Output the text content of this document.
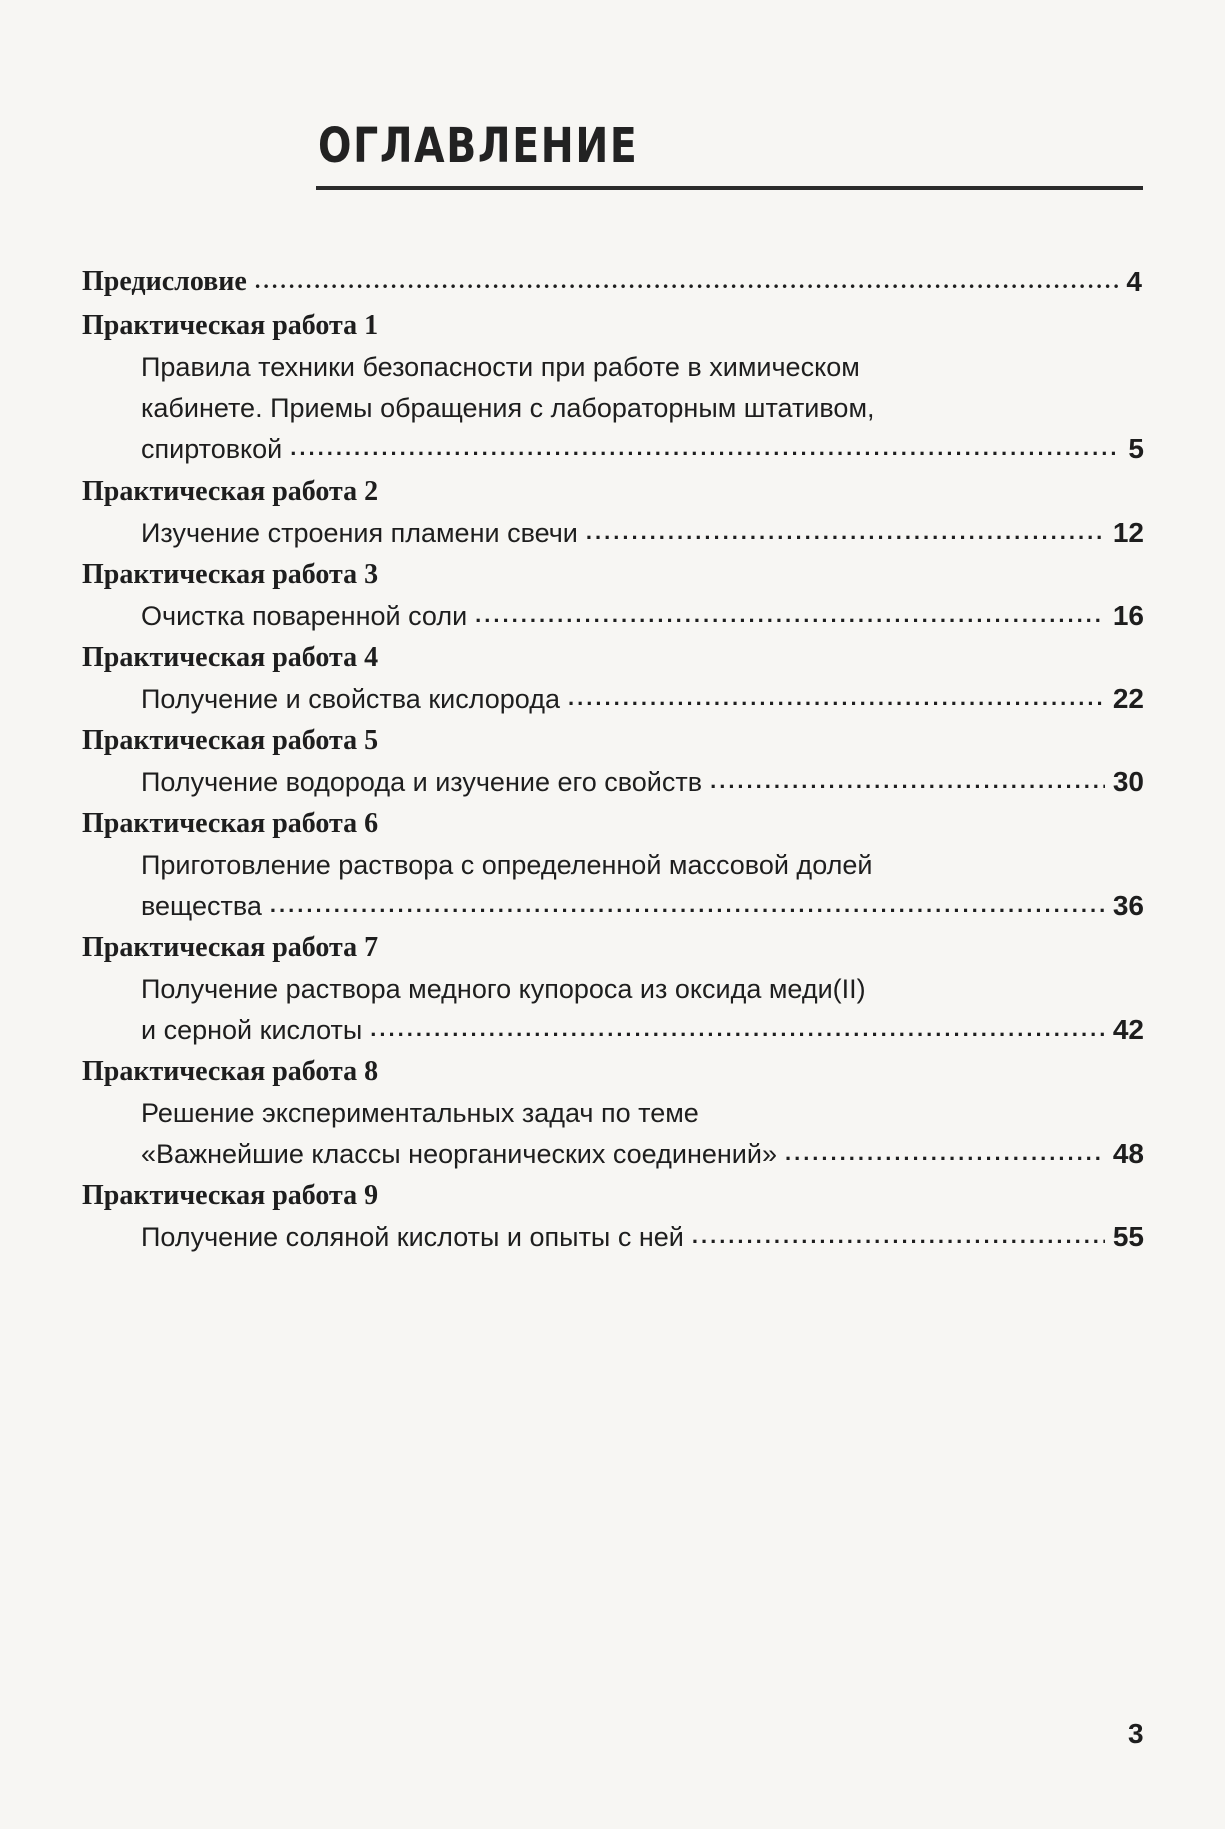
ОГЛАВЛЕНИЕ
Предисловие .....	4
Практическая работа 1
Правила техники безопасности при работе в химическом
кабинете. Приемы обращения с лабораторным штативом,
спиртовкой .....	5
Практическая работа 2
Изучение строения пламени свечи .....	12
Практическая работа 3
Очистка поваренной соли .....	16
Практическая работа 4
Получение и свойства кислорода .....	22
Практическая работа 5
Получение водорода и изучение его свойств .....	30
Практическая работа 6
Приготовление раствора с определенной массовой долей
вещества .....	36
Практическая работа 7
Получение раствора медного купороса из оксида меди(II)
и серной кислоты .....	42
Практическая работа 8
Решение экспериментальных задач по теме
«Важнейшие классы неорганических соединений» .....	48
Практическая работа 9
Получение соляной кислоты и опыты с ней .....	55
3
